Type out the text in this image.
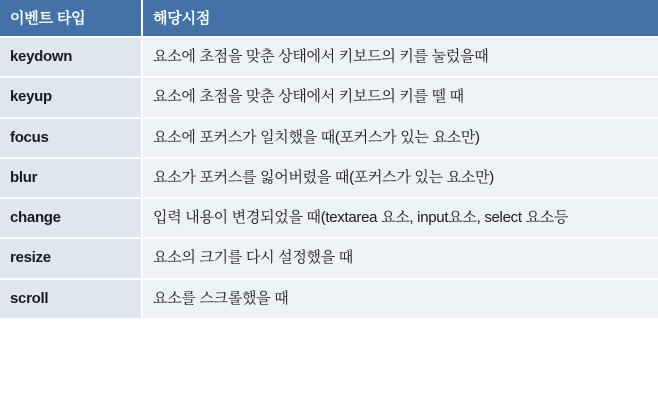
이벤트 타입	해당시점
keydown	요소에 초점을 맞춘 상태에서 키보드의 키를 눌렀을때
keyup	요소에 초점을 맞춘 상태에서 키보드의 키를 뗄 때
focus	요소에 포커스가 일치했을 때(포커스가 있는 요소만)
blur	요소가 포커스를 잃어버렸을 때(포커스가 있는 요소만)
change	입력 내용이 변경되었을 때(textarea 요소, input요소, select 요소등
resize	요소의 크기를 다시 설정했을 때
scroll	요소를 스크롤했을 때
